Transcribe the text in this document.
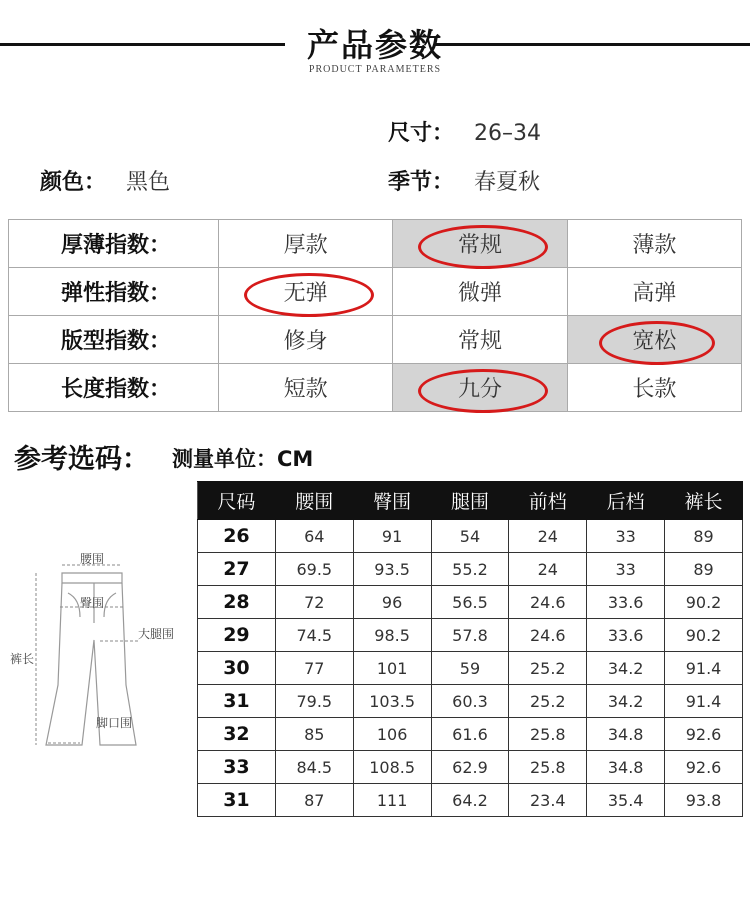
产品参数
PRODUCT PARAMETERS
尺寸： 26–34
颜色： 黑色	季节： 春夏秋
厚薄指数：	厚款	常规	薄款
弹性指数：	无弹	微弹	高弹
版型指数：	修身	常规	宽松
长度指数：	短款	九分	长款
参考选码： 测量单位：CM
腰围
臀围
大腿围
裤长
脚口围
尺码	腰围	臀围	腿围	前档	后档	裤长
26	64	91	54	24	33	89
27	69.5	93.5	55.2	24	33	89
28	72	96	56.5	24.6	33.6	90.2
29	74.5	98.5	57.8	24.6	33.6	90.2
30	77	101	59	25.2	34.2	91.4
31	79.5	103.5	60.3	25.2	34.2	91.4
32	85	106	61.6	25.8	34.8	92.6
33	84.5	108.5	62.9	25.8	34.8	92.6
31	87	111	64.2	23.4	35.4	93.8
